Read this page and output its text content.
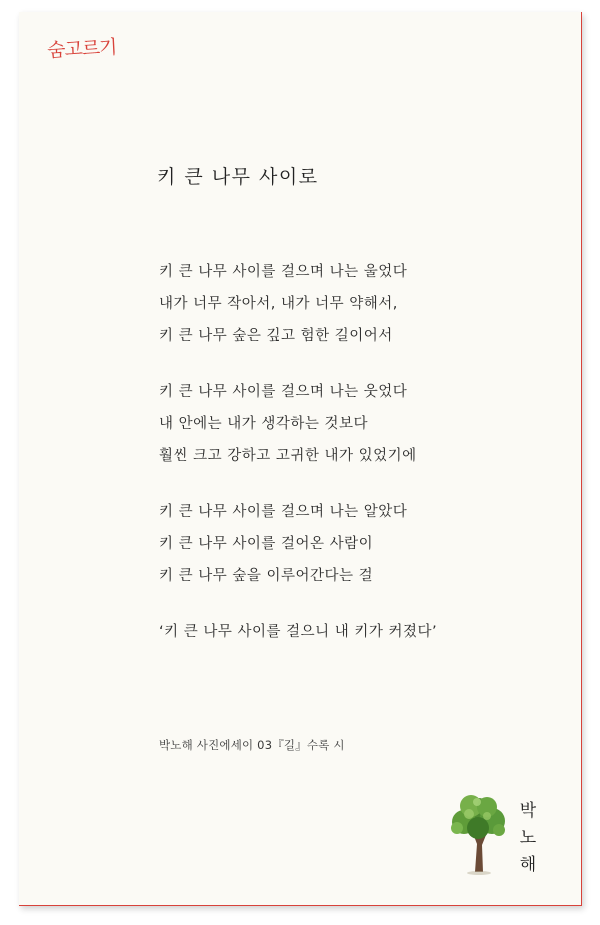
숨고르기
키 큰 나무 사이로
키 큰 나무 사이를 걸으며 나는 울었다
내가 너무 작아서, 내가 너무 약해서,
키 큰 나무 숲은 깊고 험한 길이어서
키 큰 나무 사이를 걸으며 나는 웃었다
내 안에는 내가 생각하는 것보다
훨씬 크고 강하고 고귀한 내가 있었기에
키 큰 나무 사이를 걸으며 나는 알았다
키 큰 나무 사이를 걸어온 사람이
키 큰 나무 숲을 이루어간다는 걸
‘키 큰 나무 사이를 걸으니 내 키가 커졌다’
박노해 사진에세이 03『길』수록 시
박
노
해
